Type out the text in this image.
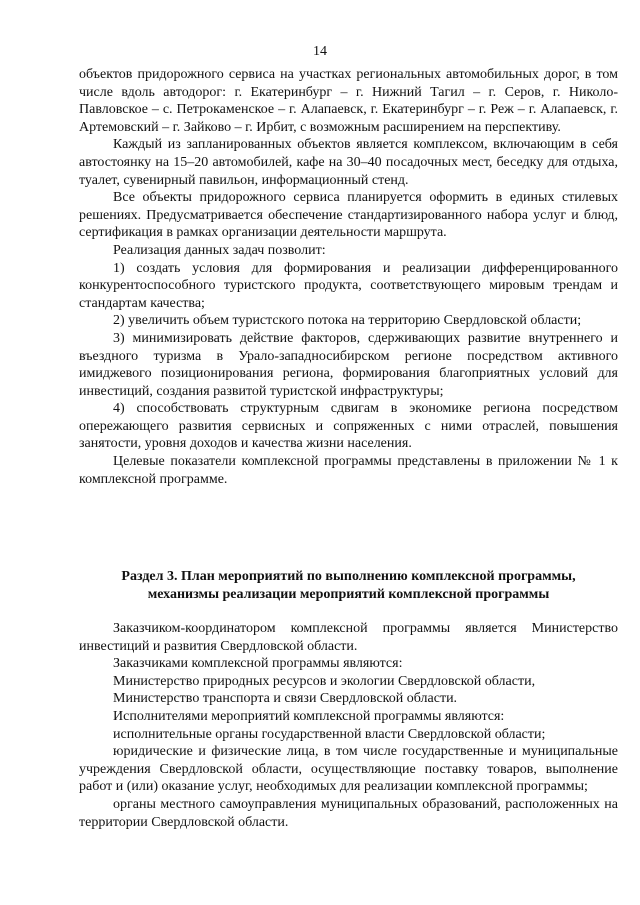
14

объектов придорожного сервиса на участках региональных автомобильных дорог, в том числе вдоль автодорог: г. Екатеринбург – г. Нижний Тагил – г. Серов, г. Николо-Павловское – с. Петрокаменское – г. Алапаевск, г. Екатеринбург – г. Реж – г. Алапаевск, г. Артемовский – г. Зайково – г. Ирбит, с возможным расширением на перспективу.

Каждый из запланированных объектов является комплексом, включающим в себя автостоянку на 15–20 автомобилей, кафе на 30–40 посадочных мест, беседку для отдыха, туалет, сувенирный павильон, информационный стенд.

Все объекты придорожного сервиса планируется оформить в единых стилевых решениях. Предусматривается обеспечение стандартизированного набора услуг и блюд, сертификация в рамках организации деятельности маршрута.

Реализация данных задач позволит:

1) создать условия для формирования и реализации дифференцированного конкурентоспособного туристского продукта, соответствующего мировым трендам и стандартам качества;

2) увеличить объем туристского потока на территорию Свердловской области;

3) минимизировать действие факторов, сдерживающих развитие внутреннего и въездного туризма в Урало-западносибирском регионе посредством активного имиджевого позиционирования региона, формирования благоприятных условий для инвестиций, создания развитой туристской инфраструктуры;

4) способствовать структурным сдвигам в экономике региона посредством опережающего развития сервисных и сопряженных с ними отраслей, повышения занятости, уровня доходов и качества жизни населения.

Целевые показатели комплексной программы представлены в приложении № 1 к комплексной программе.

Раздел 3. План мероприятий по выполнению комплексной программы, механизмы реализации мероприятий комплексной программы

Заказчиком-координатором комплексной программы является Министерство инвестиций и развития Свердловской области.

Заказчиками комплексной программы являются:

Министерство природных ресурсов и экологии Свердловской области,

Министерство транспорта и связи Свердловской области.

Исполнителями мероприятий комплексной программы являются:

исполнительные органы государственной власти Свердловской области;

юридические и физические лица, в том числе государственные и муниципальные учреждения Свердловской области, осуществляющие поставку товаров, выполнение работ и (или) оказание услуг, необходимых для реализации комплексной программы;

органы местного самоуправления муниципальных образований, расположенных на территории Свердловской области.
